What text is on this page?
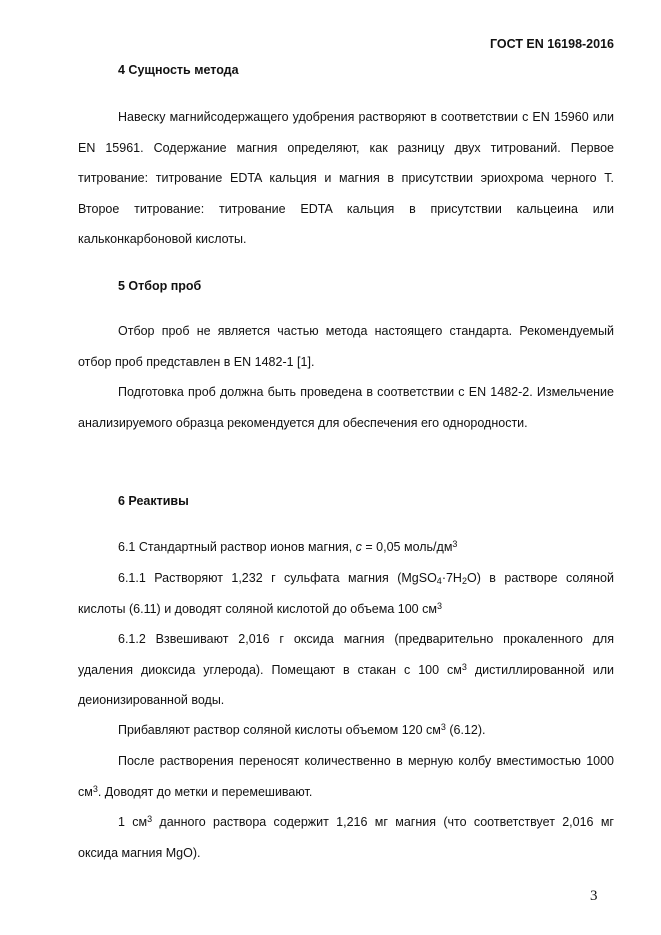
ГОСТ EN 16198-2016
4 Сущность метода

Навеску магнийсодержащего удобрения растворяют в соответствии с EN 15960 или EN 15961. Содержание магния определяют, как разницу двух титрований. Первое титрование: титрование EDTA кальция и магния в присутствии эриохрома черного Т. Второе титрование: титрование EDTA кальция в присутствии кальцеина или кальконкарбоновой кислоты.

5 Отбор проб

Отбор проб не является частью метода настоящего стандарта. Рекомендуемый отбор проб представлен в EN 1482-1 [1].

Подготовка проб должна быть проведена в соответствии с EN 1482-2. Измельчение анализируемого образца рекомендуется для обеспечения его однородности.

6 Реактивы

6.1 Стандартный раствор ионов магния, c = 0,05 моль/$дм^3$

6.1.1 Растворяют 1,232 г сульфата магния $(MgSO_4\cdot 7H_2O)$ в растворе соляной кислоты (6.11) и доводят соляной кислотой до объема 100 $см^3$

6.1.2 Взвешивают 2,016 г оксида магния (предварительно прокаленного для удаления диоксида углерода). Помещают в стакан с 100 $см^3$ дистиллированной или деионизированной воды.

Прибавляют раствор соляной кислоты объемом 120 $см^3$ (6.12).

После растворения переносят количественно в мерную колбу вместимостью 1000 $см^3$. Доводят до метки и перемешивают.

1 $см^3$ данного раствора содержит 1,216 мг магния (что соответствует 2,016 мг оксида магния MgO).

3
